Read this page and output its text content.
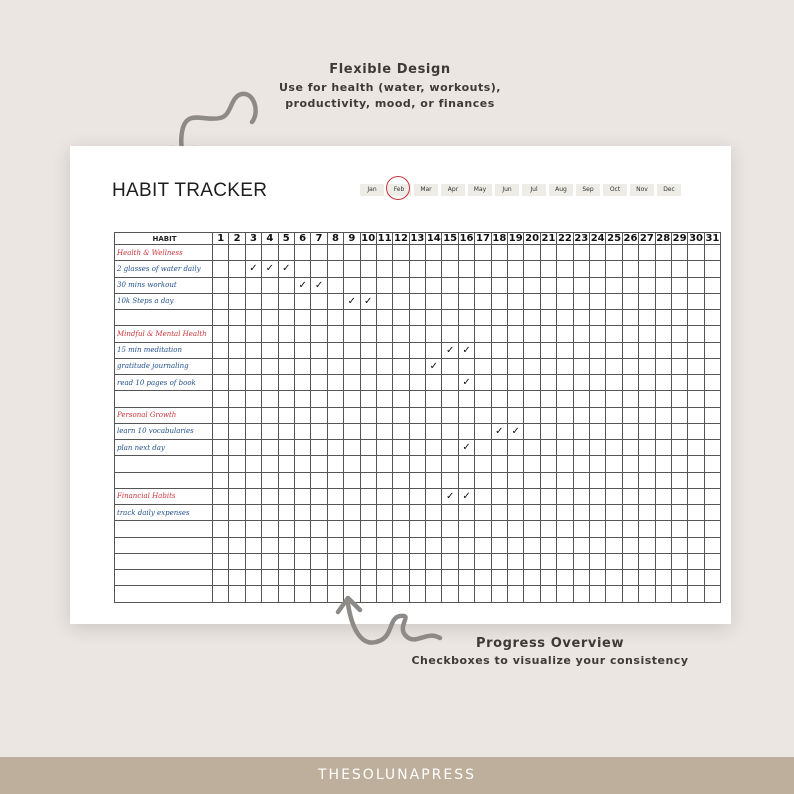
Flexible Design
Use for health (water, workouts),
productivity, mood, or finances
HABIT TRACKER	Jan	Feb	Mar	Apr	May	Jun	Jul	Aug	Sep	Oct	Nov	Dec
HABIT	1	2	3	4	5	6	7	8	9	10	11	12	13	14	15	16	17	18	19	20	21	22	23	24	25	26	27	28	29	30	31
Health & Wellness																															
2 glasses of water daily			✓	✓	✓																										
30 mins workout						✓	✓																								
10k Steps a day									✓	✓																					

Mindful & Mental Health																															
15 min meditation															✓	✓															
gratitude journaling														✓																	
read 10 pages of book																✓															

Personal Growth																															
learn 10 vocabularies																		✓	✓												
plan next day																✓															

Financial Habits															✓	✓															
track daily expenses																															

Progress Overview
Checkboxes to visualize your consistency
THESOLUNAPRESS
